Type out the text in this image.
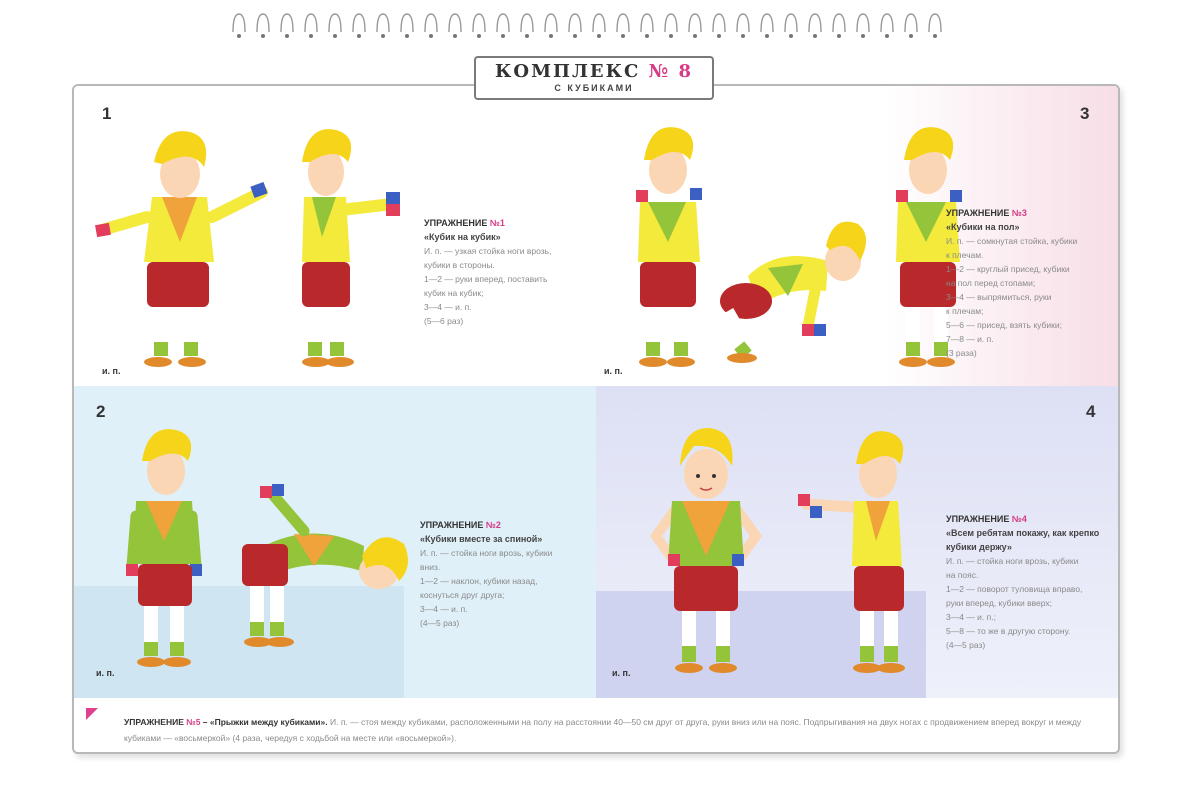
КОМПЛЕКС № 8
С КУБИКАМИ
1
и. п.
УПРАЖНЕНИЕ №1
«Кубик на кубик»
И. п. — узкая стойка ноги врозь,
кубики в стороны.
1—2 — руки вперед, поставить
кубик на кубик;
3—4 — и. п.
(5—6 раз)
3
и. п.
УПРАЖНЕНИЕ №3
«Кубики на пол»
И. п. — сомкнутая стойка, кубики
к плечам.
1—2 — круглый присед, кубики
на пол перед стопами;
3—4 — выпрямиться, руки
к плечам;
5—6 — присед, взять кубики;
7—8 — и. п.
(3 раза)
2
и. п.
УПРАЖНЕНИЕ №2
«Кубики вместе за спиной»
И. п. — стойка ноги врозь, кубики
вниз.
1—2 — наклон, кубики назад,
коснуться друг друга;
3—4 — и. п.
(4—5 раз)
4
и. п.
УПРАЖНЕНИЕ №4
«Всем ребятам покажу, как крепко кубики держу»
И. п. — стойка ноги врозь, кубики
на пояс.
1—2 — поворот туловища вправо,
руки вперед, кубики вверх;
3—4 — и. п.;
5—8 — то же в другую сторону.
(4—5 раз)
УПРАЖНЕНИЕ №5 – «Прыжки между кубиками». И. п. — стоя между кубиками, расположенными на полу на расстоянии 40—50 см друг от друга, руки вниз или на пояс. Подпрыгивания на двух ногах с продвижением вперед вокруг и между кубиками — «восьмеркой» (4 раза, чередуя с ходьбой на месте или «восьмеркой»).
